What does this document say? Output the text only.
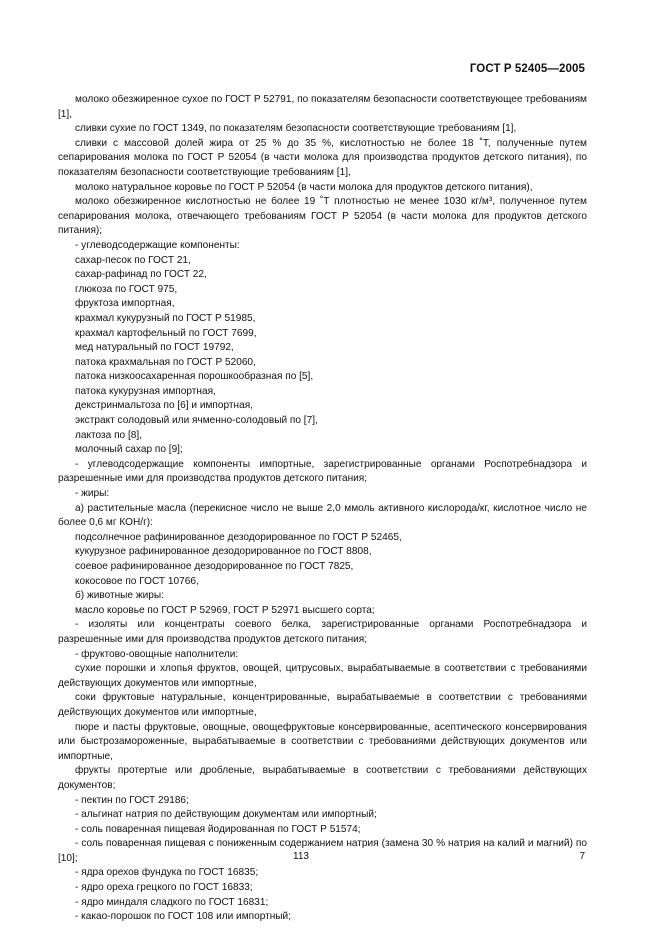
ГОСТ Р 52405—2005

молоко обезжиренное сухое по ГОСТ Р 52791, по показателям безопасности соответствующее требованиям [1],

сливки сухие по ГОСТ 1349, по показателям безопасности соответствующие требованиям [1],

сливки с массовой долей жира от 25 % до 35 %, кислотностью не более 18 ˚Т, полученные путем сепарирования молока по ГОСТ Р 52054 (в части молока для производства продуктов детского питания), по показателям безопасности соответствующие требованиям [1],

молоко натуральное коровье по ГОСТ Р 52054 (в части молока для продуктов детского питания),

молоко обезжиренное кислотностью не более 19 ˚Т плотностью не менее 1030 кг/м³, полученное путем сепарирования молока, отвечающего требованиям ГОСТ Р 52054 (в части молока для продуктов детского питания);

- углеводсодержащие компоненты:

сахар-песок по ГОСТ 21,

сахар-рафинад по ГОСТ 22,

глюкоза по ГОСТ 975,

фруктоза импортная,

крахмал кукурузный по ГОСТ Р 51985,

крахмал картофельный по ГОСТ 7699,

мед натуральный по ГОСТ 19792,

патока крахмальная по ГОСТ Р 52060,

патока низкоосахаренная порошкообразная по [5],

патока кукурузная импортная,

декстринмальтоза по [6] и импортная,

экстракт солодовый или ячменно-солодовый по [7],

лактоза по [8],

молочный сахар по [9];

- углеводсодержащие компоненты импортные, зарегистрированные органами Роспотребнадзора и разрешенные ими для производства продуктов детского питания;

- жиры:

а) растительные масла (перекисное число не выше 2,0 ммоль активного кислорода/кг, кислотное число не более 0,6 мг КОН/г):

подсолнечное рафинированное дезодорированное по ГОСТ Р 52465,

кукурузное рафинированное дезодорированное по ГОСТ 8808,

соевое рафинированное дезодорированное по ГОСТ 7825,

кокосовое по ГОСТ 10766,

б) животные жиры:

масло коровье по ГОСТ Р 52969, ГОСТ Р 52971 высшего сорта;

- изоляты или концентраты соевого белка, зарегистрированные органами Роспотребнадзора и разрешенные ими для производства продуктов детского питания;

- фруктово-овощные наполнители:

сухие порошки и хлопья фруктов, овощей, цитрусовых, вырабатываемые в соответствии с требованиями действующих документов или импортные,

соки фруктовые натуральные, концентрированные, вырабатываемые в соответствии с требованиями действующих документов или импортные,

пюре и пасты фруктовые, овощные, овощефруктовые консервированные, асептического консервирования или быстрозамороженные, вырабатываемые в соответствии с требованиями действующих документов или импортные,

фрукты протертые или дробленые, вырабатываемые в соответствии с требованиями действующих документов;

- пектин по ГОСТ 29186;

- альгинат натрия по действующим документам или импортный;

- соль поваренная пищевая йодированная по ГОСТ Р 51574;

- соль поваренная пищевая с пониженным содержанием натрия (замена 30 % натрия на калий и магний) по [10];

- ядра орехов фундука по ГОСТ 16835;

- ядро ореха грецкого по ГОСТ 16833;

- ядро миндаля сладкого по ГОСТ 16831;

- какао-порошок по ГОСТ 108 или импортный;

113	7
